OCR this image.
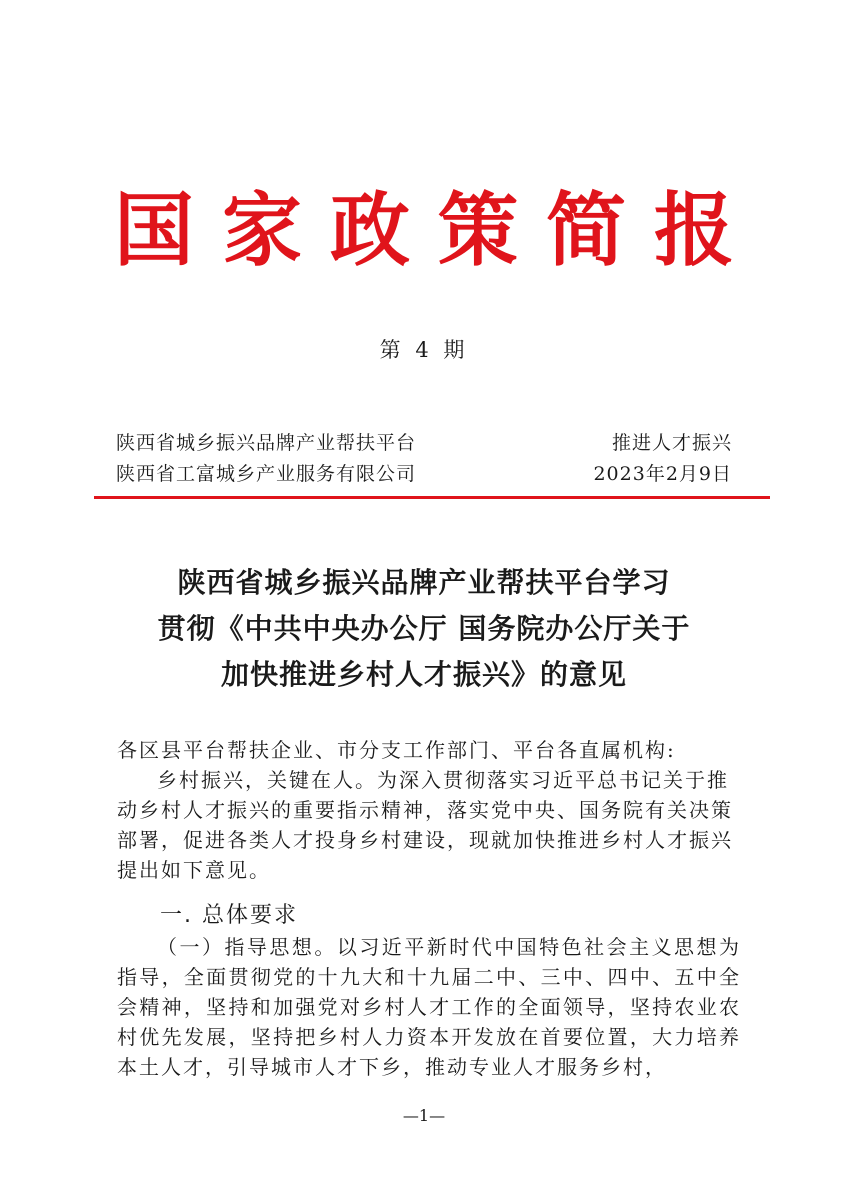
国家政策简报
第 4 期
陕西省城乡振兴品牌产业帮扶平台
陕西省工富城乡产业服务有限公司
推进人才振兴
2023年2月9日
陕西省城乡振兴品牌产业帮扶平台学习
贯彻《中共中央办公厅 国务院办公厅关于
加快推进乡村人才振兴》的意见

各区县平台帮扶企业、市分支工作部门、平台各直属机构:

乡村振兴，关键在人。为深入贯彻落实习近平总书记关于推动乡村人才振兴的重要指示精神，落实党中央、国务院有关决策部署，促进各类人才投身乡村建设，现就加快推进乡村人才振兴提出如下意见。

一. 总体要求

（一）指导思想。以习近平新时代中国特色社会主义思想为指导，全面贯彻党的十九大和十九届二中、三中、四中、五中全会精神，坚持和加强党对乡村人才工作的全面领导，坚持农业农村优先发展，坚持把乡村人力资本开发放在首要位置，大力培养本土人才，引导城市人才下乡，推动专业人才服务乡村，

—1—
